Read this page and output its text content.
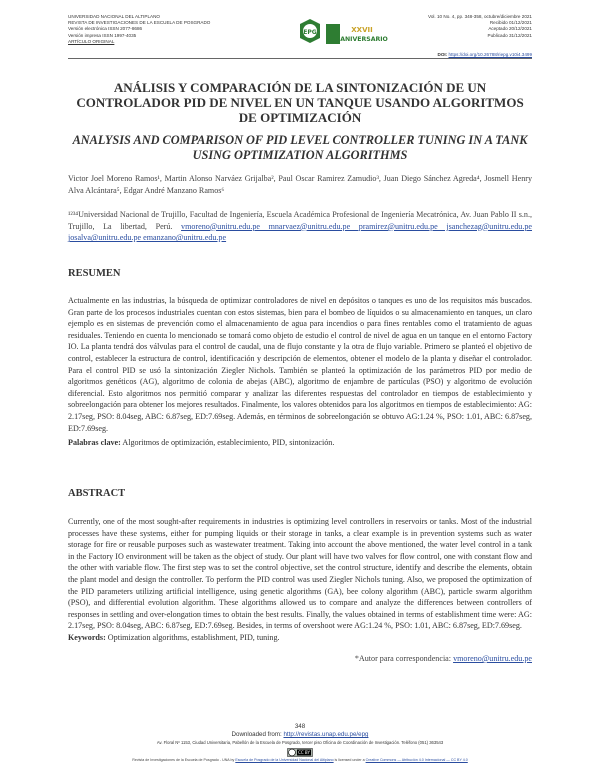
UNIVERSIDAD NACIONAL DEL ALTIPLANO
REVISTA DE INVESTIGACIONES DE LA ESCUELA DE POSGRADO
Versión electrónica ISSN 2077-8686
Versión impresa ISSN 1997-4035
ARTÍCULO ORIGINAL
EPG	XXVII
ANIVERSARIO
Vol. 10 No. 4, pp. 348-358, octubre/diciembre 2021
Recibido 01/12/2021
Aceptado 20/12/2021
Publicado 31/12/2021
DOI: https://doi.org/10.26788/riepg.v10i4.3499
ANÁLISIS Y COMPARACIÓN DE LA SINTONIZACIÓN DE UN CONTROLADOR PID DE NIVEL EN UN TANQUE USANDO ALGORITMOS DE OPTIMIZACIÓN
ANALYSIS AND COMPARISON OF PID LEVEL CONTROLLER TUNING IN A TANK USING OPTIMIZATION ALGORITHMS
Victor Joel Moreno Ramos¹, Martin Alonso Narváez Grijalba², Paul Oscar Ramirez Zamudio³, Juan Diego Sánchez Agreda⁴, Josmell Henry Alva Alcántara⁵, Edgar André Manzano Ramos⁶
¹²³⁴Universidad Nacional de Trujillo, Facultad de Ingeniería, Escuela Académica Profesional de Ingeniería Mecatrónica, Av. Juan Pablo II s.n., Trujillo, La libertad, Perú. vmoreno@unitru.edu.pe mnarvaez@unitru.edu.pe pramirez@unitru.edu.pe jsanchezag@unitru.edu.pe josalva@unitru.edu.pe emanzano@unitru.edu.pe
RESUMEN
Actualmente en las industrias, la búsqueda de optimizar controladores de nivel en depósitos o tanques es uno de los requisitos más buscados. Gran parte de los procesos industriales cuentan con estos sistemas, bien para el bombeo de líquidos o su almacenamiento en tanques, un claro ejemplo es en sistemas de prevención como el almacenamiento de agua para incendios o para fines rentables como el tratamiento de aguas residuales. Teniendo en cuenta lo mencionado se tomará como objeto de estudio el control de nivel de agua en un tanque en el entorno Factory IO. La planta tendrá dos válvulas para el control de caudal, una de flujo constante y la otra de flujo variable. Primero se planteó el objetivo de control, establecer la estructura de control, identificación y descripción de elementos, obtener el modelo de la planta y diseñar el controlador. Para el control PID se usó la sintonización Ziegler Nichols. También se planteó la optimización de los parámetros PID por medio de algoritmos genéticos (AG), algoritmo de colonia de abejas (ABC), algoritmo de enjambre de partículas (PSO) y algoritmo de evolución diferencial. Esto algoritmos nos permitió comparar y analizar las diferentes respuestas del controlador en tiempos de establecimiento y sobreelongación para obtener los mejores resultados. Finalmente, los valores obtenidos para los algoritmos en tiempos de establecimiento: AG: 2.17seg, PSO: 8.04seg, ABC: 6.87seg, ED:7.69seg. Además, en términos de sobreelongación se obtuvo AG:1.24 %, PSO: 1.01, ABC: 6.87seg, ED:7.69seg.
Palabras clave: Algoritmos de optimización, establecimiento, PID, sintonización.
ABSTRACT
Currently, one of the most sought-after requirements in industries is optimizing level controllers in reservoirs or tanks. Most of the industrial processes have these systems, either for pumping liquids or their storage in tanks, a clear example is in prevention systems such as water storage for fire or reusable purposes such as wastewater treatment. Taking into account the above mentioned, the water level control in a tank in the Factory IO environment will be taken as the object of study. Our plant will have two valves for flow control, one with constant flow and the other with variable flow. The first step was to set the control objective, set the control structure, identify and describe the elements, obtain the plant model and design the controller. To perform the PID control was used Ziegler Nichols tuning. Also, we proposed the optimization of the PID parameters utilizing artificial intelligence, using genetic algorithms (GA), bee colony algorithm (ABC), particle swarm algorithm (PSO), and differential evolution algorithm. These algorithms allowed us to compare and analyze the differences between controllers of responses in settling and over-elongation times to obtain the best results. Finally, the values obtained in terms of establishment time were: AG: 2.17seg, PSO: 8.04seg, ABC: 6.87seg, ED:7.69seg. Besides, in terms of overshoot were AG:1.24 %, PSO: 1.01, ABC: 6.87seg, ED:7.69seg.
Keywords: Optimization algorithms, establishment, PID, tuning.
*Autor para correspondencia: vmoreno@unitru.edu.pe
348
Downloaded from: http://revistas.unap.edu.pe/epg
Av. Floral Nº 1153, Ciudad Universitaria, Pabellón de la Escuela de Posgrado, tercer piso Oficina de Coordinación de Investigación. Teléfono (051) 363543
CC BY
Revista de Investigaciones de la Escuela de Posgrado - UNA by Escuela de Posgrado de la Universidad Nacional del Altiplano is licensed under a Creative Commons — Atribución 4.0 Internacional — CC BY 4.0
